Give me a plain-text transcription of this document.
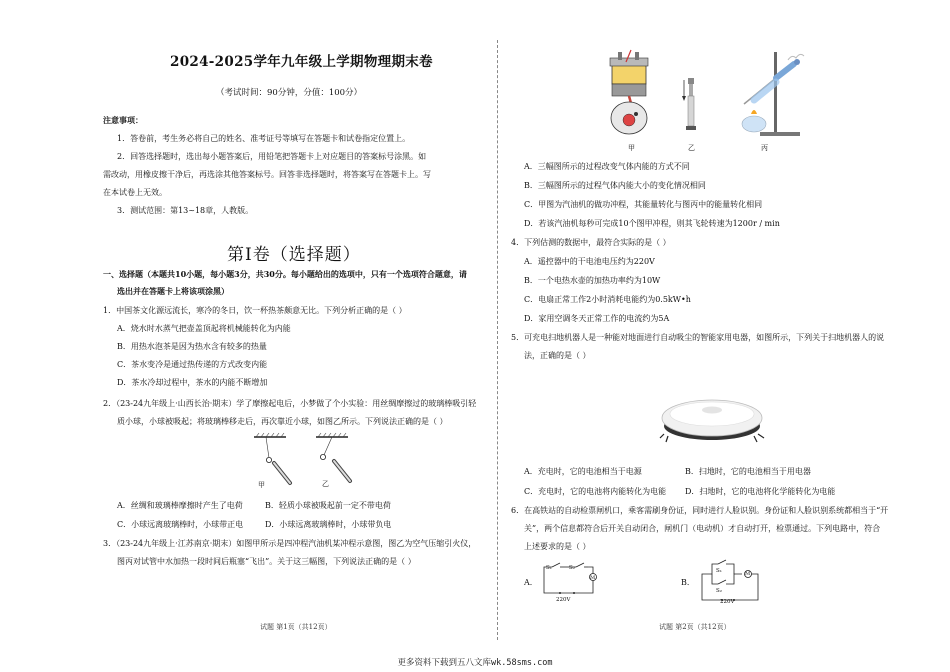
2024-2025学年九年级上学期物理期末卷
（考试时间：90分钟，分值：100分）
注意事项：
1．答卷前，考生务必将自己的姓名、准考证号等填写在答题卡和试卷指定位置上。
2．回答选择题时，选出每小题答案后，用铅笔把答题卡上对应题目的答案标号涂黑。如
需改动，用橡皮擦干净后，再选涂其他答案标号。回答非选择题时，将答案写在答题卡上。写
在本试卷上无效。
3．测试范围：第13~18章，人教版。
第Ⅰ卷（选择题）
一、选择题（本题共10小题，每小题3分，共30分。每小题给出的选项中，只有一个选项符合题意，请
选出并在答题卡上将该项涂黑）
1．中国茶文化源远流长，寒冷的冬日，饮一杯热茶颇意无比。下列分析正确的是（ ）
A．烧水时水蒸气把壶盖顶起将机械能转化为内能
B．用热水泡茶是因为热水含有较多的热量
C．茶水变冷是通过热传递的方式改变内能
D．茶水冷却过程中，茶水的内能不断增加
2．（23-24九年级上·山西长治·期末）学了摩擦起电后，小梦做了个小实验：用丝绸摩擦过的玻璃棒吸引轻
质小球，小球被吸起；将玻璃棒移走后，再次靠近小球，如图乙所示。下列说法正确的是（ ）
甲	乙
A．丝绸和玻璃棒摩擦时产生了电荷	B．轻质小球被吸起前一定不带电荷
C．小球远离玻璃棒时，小球带正电	D．小球远离玻璃棒时，小球带负电
3．（23-24九年级上·江苏南京·期末）如图甲所示是四冲程汽油机某冲程示意图，图乙为空气压缩引火仪，
图丙对试管中水加热一段时间后瓶塞“飞出”。关于这三幅图，下列说法正确的是（ ）
试题 第1页（共12页）
甲	乙	丙
A．三幅图所示的过程改变气体内能的方式不同
B．三幅图所示的过程气体内能大小的变化情况相同
C．甲图为汽油机的做功冲程，其能量转化与图丙中的能量转化相同
D．若该汽油机每秒可完成10个图甲冲程，则其飞轮转速为1200r / min
4．下列估测的数据中，最符合实际的是（ ）
A．遥控器中的干电池电压约为220V
B．一个电热水壶的加热功率约为10W
C．电扇正常工作2小时消耗电能约为0.5kW•h
D．家用空调冬天正常工作的电流约为5A
5．可充电扫地机器人是一种能对地面进行自动吸尘的智能家用电器，如图所示，下列关于扫地机器人的说
法，正确的是（ ）
A．充电时，它的电池相当于电源	B．扫地时，它的电池相当于用电器
C．充电时，它的电池将内能转化为电能 D．扫地时，它的电池将化学能转化为电能
6．在高铁站的自动检票闸机口，乘客需刷身份证，同时进行人脸识别。身份证和人脸识别系统都相当于“开
关”，两个信息都符合后开关自动闭合，闸机门（电动机）才自动打开，检票通过。下列电路中，符合
上述要求的是（ ）
A．
S₁	S₂
M
220V
B．
S₁
S₂
M
220V
试题 第2页（共12页）
更多资料下载到五八文库wk.58sms.com
